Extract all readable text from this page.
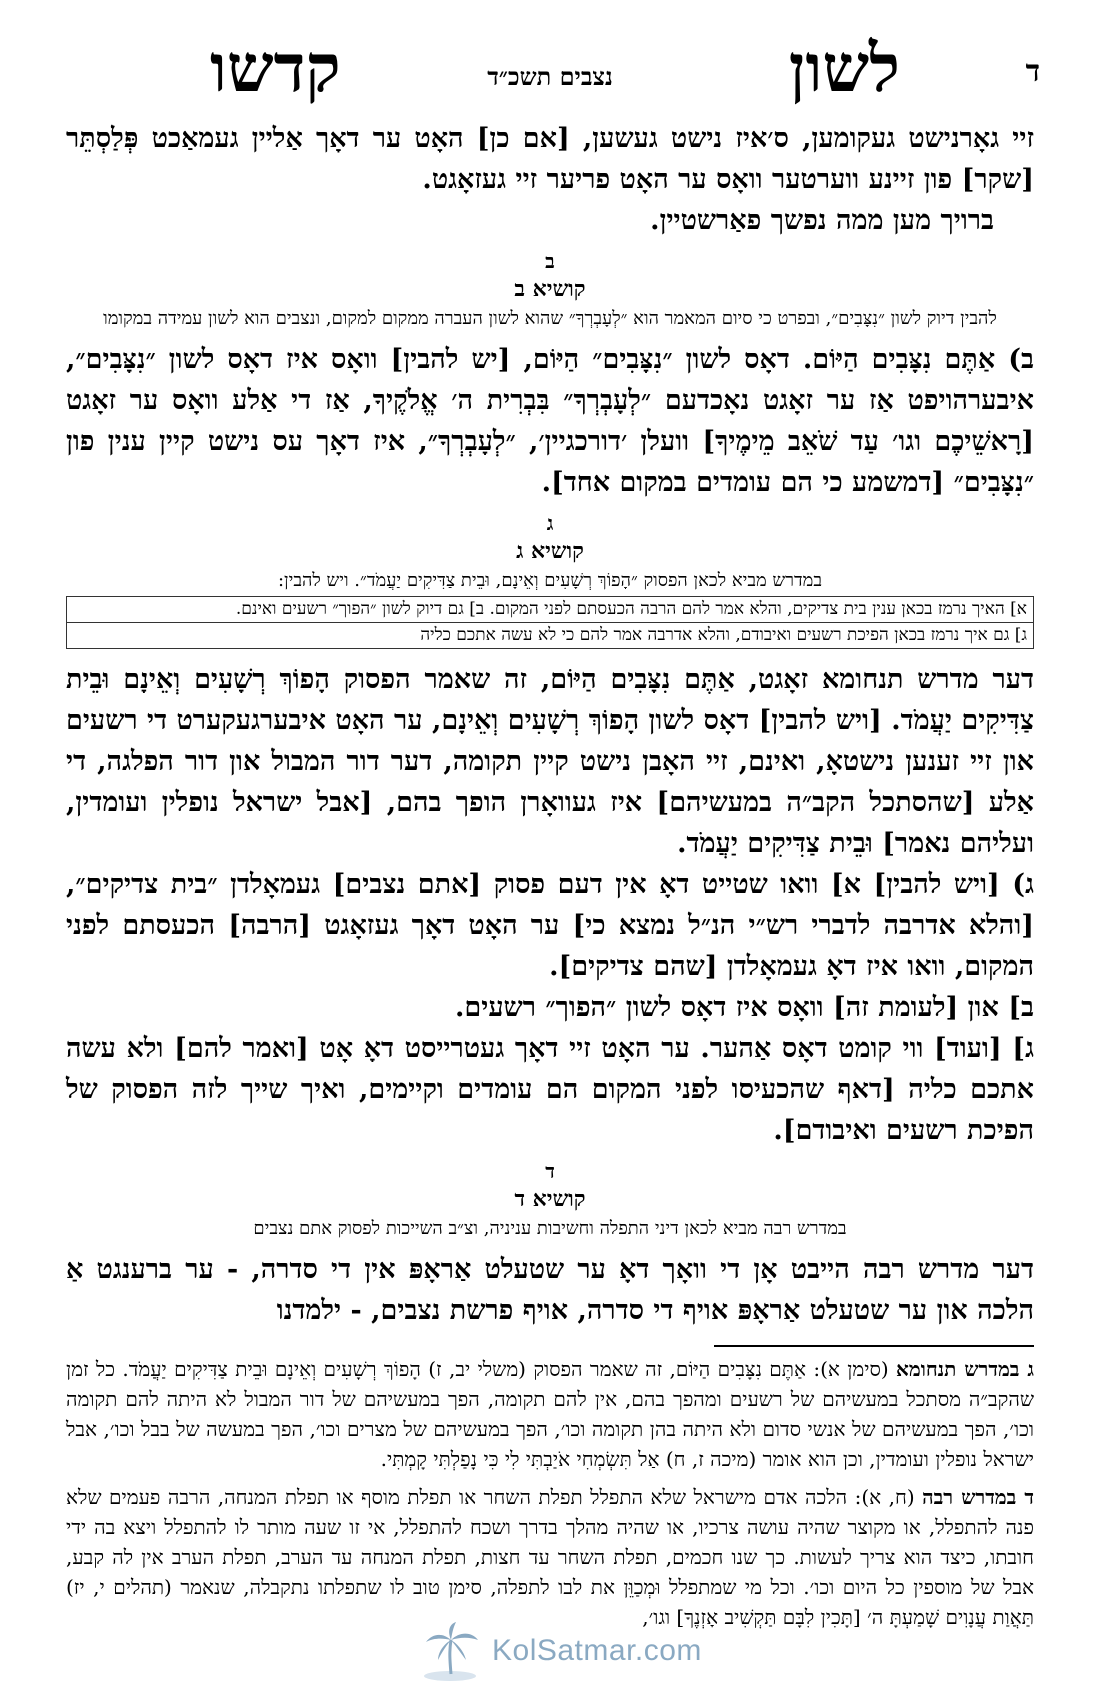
ד
לשון
נצבים תשכ״ד
קדשו

זיי גאָרנישט געקומען, ס׳איז נישט געשען, [אם כן] האָט ער דאָך אַליין געמאַכט פְּלַסְתֵּר [שקר] פון זיינע ווערטער וואָס ער האָט פריער זיי געזאָגט.

ברויך מען ממה נפשך פאַרשטיין.

ב
קושיא ב
להבין דיוק לשון ״נִצָּבִים״, ובפרט כי סיום המאמר הוא ״לְעָבְרְךָ״ שהוא לשון העברה ממקום למקום, ונצבים הוא לשון עמידה במקומו

ב) אַתֶּם נִצָּבִים הַיּוֹם. דאָס לשון ״נִצָּבִים״ הַיּוֹם, [יש להבין] וואָס איז דאָס לשון ״נִצָּבִים״, איבערהויפט אַז ער זאָגט נאָכדעם ״לְעָבְרְךָ״ בִּבְרִית ה׳ אֱלֹקֶיךָ, אַז די אַלע וואָס ער זאָגט [רָאשֵׁיכֶם וגו׳ עַד שֹׁאֵב מֵימֶיךָ] וועלן ׳דורכגיין׳, ״לְעָבְרְךָ״, איז דאָך עס נישט קיין ענין פון ״נִצָּבִים״ [דמשמע כי הם עומדים במקום אחד].

ג
קושיא ג
במדרש מביא לכאן הפסוק ״הָפוֹךְ רְשָׁעִים וְאֵינָם, וּבֵית צַדִּיקִים יַעֲמֹד״. ויש להבין:
א] האיך נרמז בכאן ענין בית צדיקים, והלא אמר להם הרבה הכעסתם לפני המקום. ב] גם דיוק לשון ״הפוך״ רשעים ואינם.
ג] גם איך נרמז בכאן הפיכת רשעים ואיבודם, והלא אדרבה אמר להם כי לא עשה אתכם כליה

דער מדרש תנחומא זאָגט, אַתֶּם נִצָּבִים הַיּוֹם, זה שאמר הפסוק הָפוֹךְ רְשָׁעִים וְאֵינָם וּבֵית צַדִּיקִים יַעֲמֹד. [ויש להבין] דאָס לשון הָפוֹךְ רְשָׁעִים וְאֵינָם, ער האָט איבערגעקערט די רשעים און זיי זענען נישטאָ, ואינם, זיי האָבן נישט קיין תקומה, דער דור המבול און דור הפלגה, די אַלע [שהסתכל הקב״ה במעשיהם] איז געוואָרן הופך בהם, [אבל ישראל נופלין ועומדין, ועליהם נאמר] וּבֵית צַדִּיקִים יַעֲמֹד.

ג) [ויש להבין] א] וואו שטייט דאָ אין דעם פסוק [אתם נצבים] געמאָלדן ״בית צדיקים״, [והלא אדרבה לדברי רש״י הנ״ל נמצא כי] ער האָט דאָך געזאָגט [הרבה] הכעסתם לפני המקום, וואו איז דאָ געמאָלדן [שהם צדיקים].

ב] און [לעומת זה] וואָס איז דאָס לשון ״הפוך״ רשעים.

ג] [ועוד] ווי קומט דאָס אַהער. ער האָט זיי דאָך געטרייסט דאָ אָט [ואמר להם] ולא עשה אתכם כליה [דאף שהכעיסו לפני המקום הם עומדים וקיימים, ואיך שייך לזה הפסוק של הפיכת רשעים ואיבודם].

ד
קושיא ד
במדרש רבה מביא לכאן דיני התפלה וחשיבות עניניה, וצ״ב השייכות לפסוק אתם נצבים

דער מדרש רבה הייבט אָן די וואָך דאָ ער שטעלט אַראָפּ אין די סדרה, - ער ברענגט אַ הלכה און ער שטעלט אַראָפּ אויף די סדרה, אויף פרשת נצבים, - ילמדנו

ג במדרש תנחומא (סימן א): אַתֶּם נִצָּבִים הַיּוֹם, זה שאמר הפסוק (משלי יב, ז) הָפוֹךְ רְשָׁעִים וְאֵינָם וּבֵית צַדִּיקִים יַעֲמֹד. כל זמן שהקב״ה מסתכל במעשיהם של רשעים ומהפך בהם, אין להם תקומה, הפך במעשיהם של דור המבול לא היתה להם תקומה וכו׳, הפך במעשיהם של אנשי סדום ולא היתה בהן תקומה וכו׳, הפך במעשיהם של מצרים וכו׳, הפך במעשה של בבל וכו׳, אבל ישראל נופלין ועומדין, וכן הוא אומר (מיכה ז, ח) אַל תִּשְׂמְחִי אֹיַבְתִּי לִי כִּי נָפַלְתִּי קָמְתִּי.

ד במדרש רבה (ח, א): הלכה אדם מישראל שלא התפלל תפלת השחר או תפלת מוסף או תפלת המנחה, הרבה פעמים שלא פנה להתפלל, או מקוצר שהיה עושה צרכיו, או שהיה מהלך בדרך ושכח להתפלל, אי זו שעה מותר לו להתפלל ויצא בה ידי חובתו, כיצד הוא צריך לעשות. כך שנו חכמים, תפלת השחר עד חצות, תפלת המנחה עד הערב, תפלת הערב אין לה קבע, אבל של מוספין כל היום וכו׳. וכל מי שמתפלל וּמְכַוֵּן את לבו לתפלה, סימן טוב לו שתפלתו נתקבלה, שנאמר (תהלים י, יז) תַּאֲוַת עֲנָוִים שָׁמַעְתָּ ה׳ [תָּכִין לִבָּם תַּקְשִׁיב אָזְנֶךָ] וגו׳,

KolSatmar.com
